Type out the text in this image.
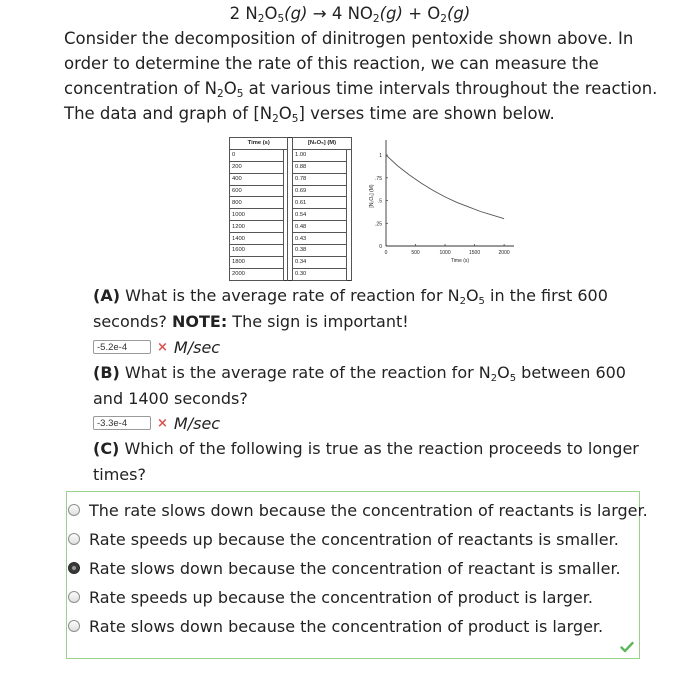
2 $N_2O_5(g) \to 4$ $NO_2(g) + O_2(g)$
Consider the decomposition of dinitrogen pentoxide shown above. In order to determine the rate of this reaction, we can measure the concentration of $N_2O_5$ at various time intervals throughout the reaction. The data and graph of $[N_2O_5]$ verses time are shown below.
Time (s)			[N₂O₅] (M)	
0			1.00	
200			0.88	
400			0.78	
600			0.69	
800			0.61	
1000			0.54	
1200			0.48	
1400			0.43	
1600			0.38	
1800			0.34	
2000			0.30	
0	500	1000	1500	2000
0
.25
.5
.75
1
Time (s)
[N₂O₅] (M)
(A) What is the average rate of reaction for $N_2O_5$ in the first 600 seconds? NOTE: The sign is important!
-5.2e-4	× M/sec
(B) What is the average rate of the reaction for $N_2O_5$ between 600 and 1400 seconds?
-3.3e-4	× M/sec
(C) Which of the following is true as the reaction proceeds to longer times?
The rate slows down because the concentration of reactants is larger.
Rate speeds up because the concentration of reactants is smaller.
Rate slows down because the concentration of reactant is smaller.
Rate speeds up because the concentration of product is larger.
Rate slows down because the concentration of product is larger.
